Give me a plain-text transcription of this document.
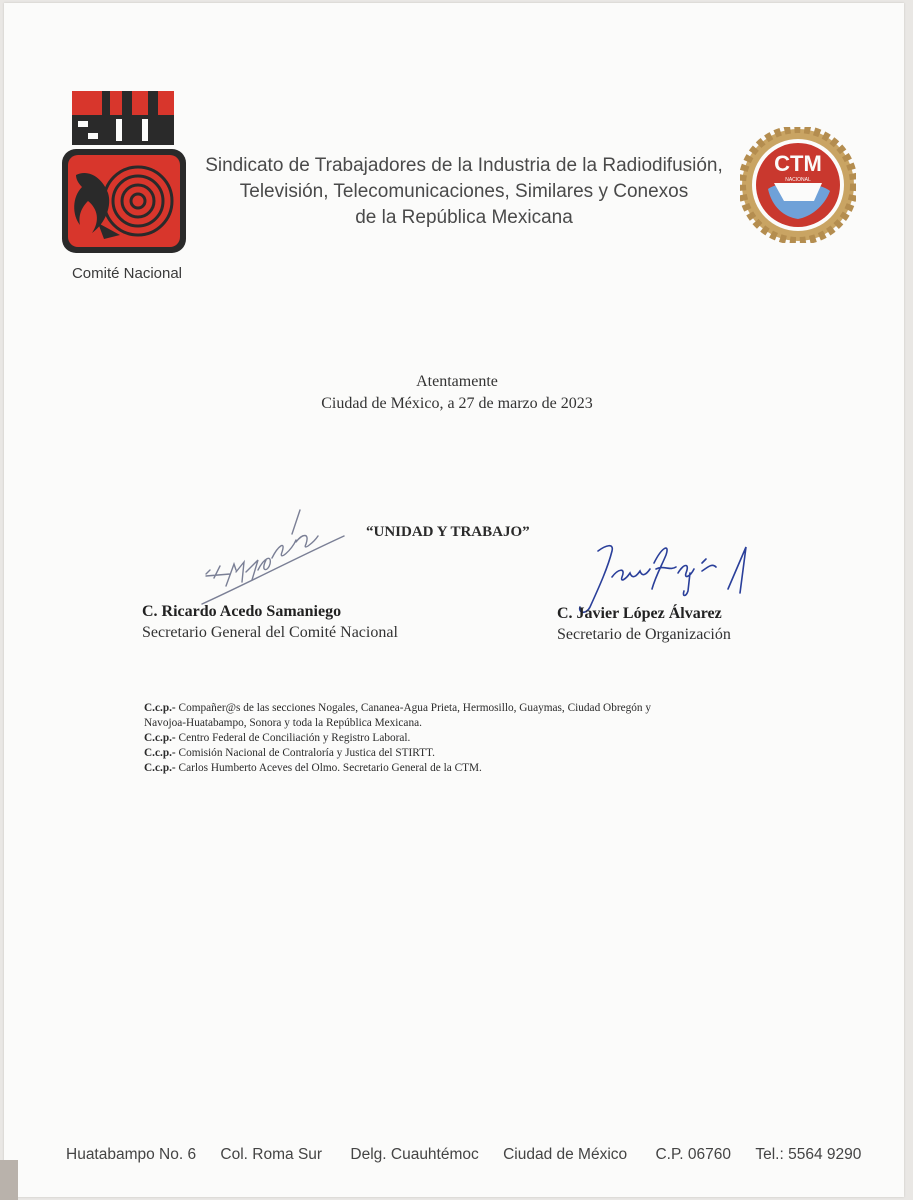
Comité Nacional
Sindicato de Trabajadores de la Industria de la Radiodifusión,
Televisión, Telecomunicaciones, Similares y Conexos
de la República Mexicana
CTM
NACIONAL
Atentamente
Ciudad de México, a 27 de marzo de 2023
“UNIDAD Y TRABAJO”
C. Ricardo Acedo Samaniego
Secretario General del Comité Nacional
C. Javier López Álvarez
Secretario de Organización
C.c.p.- Compañer@s de las secciones Nogales, Cananea-Agua Prieta, Hermosillo, Guaymas, Ciudad Obregón y
Navojoa-Huatabampo, Sonora y toda la República Mexicana.
C.c.p.- Centro Federal de Conciliación y Registro Laboral.
C.c.p.- Comisión Nacional de Contraloría y Justica del STIRTT.
C.c.p.- Carlos Humberto Aceves del Olmo. Secretario General de la CTM.
Huatabampo No. 6 Col. Roma Sur Delg. Cuauhtémoc Ciudad de México C.P. 06760 Tel.: 5564 9290
